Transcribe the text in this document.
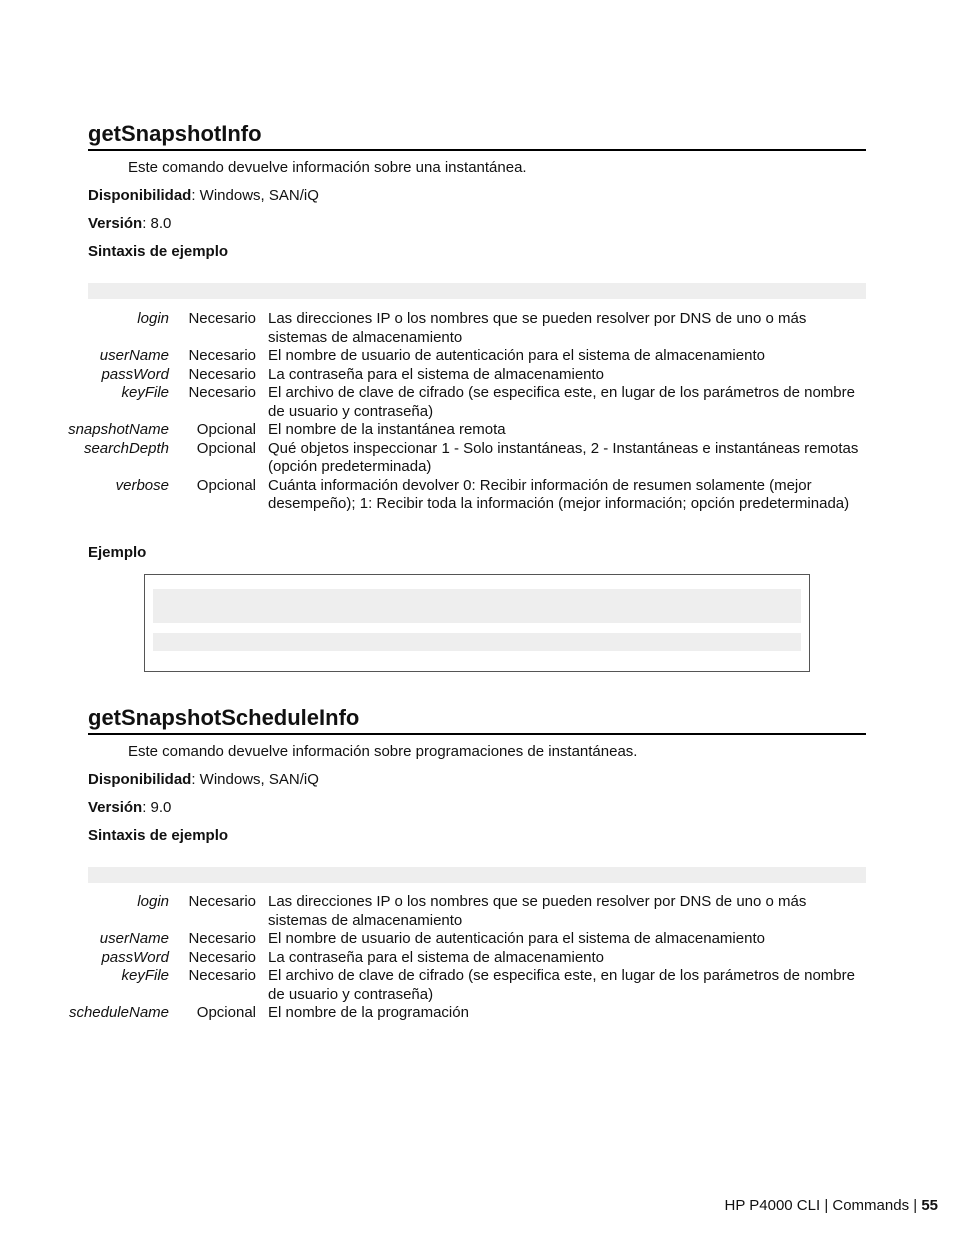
getSnapshotInfo
Este comando devuelve información sobre una instantánea.
Disponibilidad: Windows, SAN/iQ
Versión: 8.0
Sintaxis de ejemplo
login	Necesario	Las direcciones IP o los nombres que se pueden resolver por DNS de uno o más sistemas de almacenamiento
userName	Necesario	El nombre de usuario de autenticación para el sistema de almacenamiento
passWord	Necesario	La contraseña para el sistema de almacenamiento
keyFile	Necesario	El archivo de clave de cifrado (se especifica este, en lugar de los parámetros de nombre de usuario y contraseña)
snapshotName	Opcional	El nombre de la instantánea remota
searchDepth	Opcional	Qué objetos inspeccionar 1 - Solo instantáneas, 2 - Instantáneas e instantáneas remotas (opción predeterminada)
verbose	Opcional	Cuánta información devolver 0: Recibir información de resumen solamente (mejor desempeño); 1: Recibir toda la información (mejor información; opción predeterminada)
Ejemplo
getSnapshotScheduleInfo
Este comando devuelve información sobre programaciones de instantáneas.
Disponibilidad: Windows, SAN/iQ
Versión: 9.0
Sintaxis de ejemplo
login	Necesario	Las direcciones IP o los nombres que se pueden resolver por DNS de uno o más sistemas de almacenamiento
userName	Necesario	El nombre de usuario de autenticación para el sistema de almacenamiento
passWord	Necesario	La contraseña para el sistema de almacenamiento
keyFile	Necesario	El archivo de clave de cifrado (se especifica este, en lugar de los parámetros de nombre de usuario y contraseña)
scheduleName	Opcional	El nombre de la programación
HP P4000 CLI | Commands | 55
